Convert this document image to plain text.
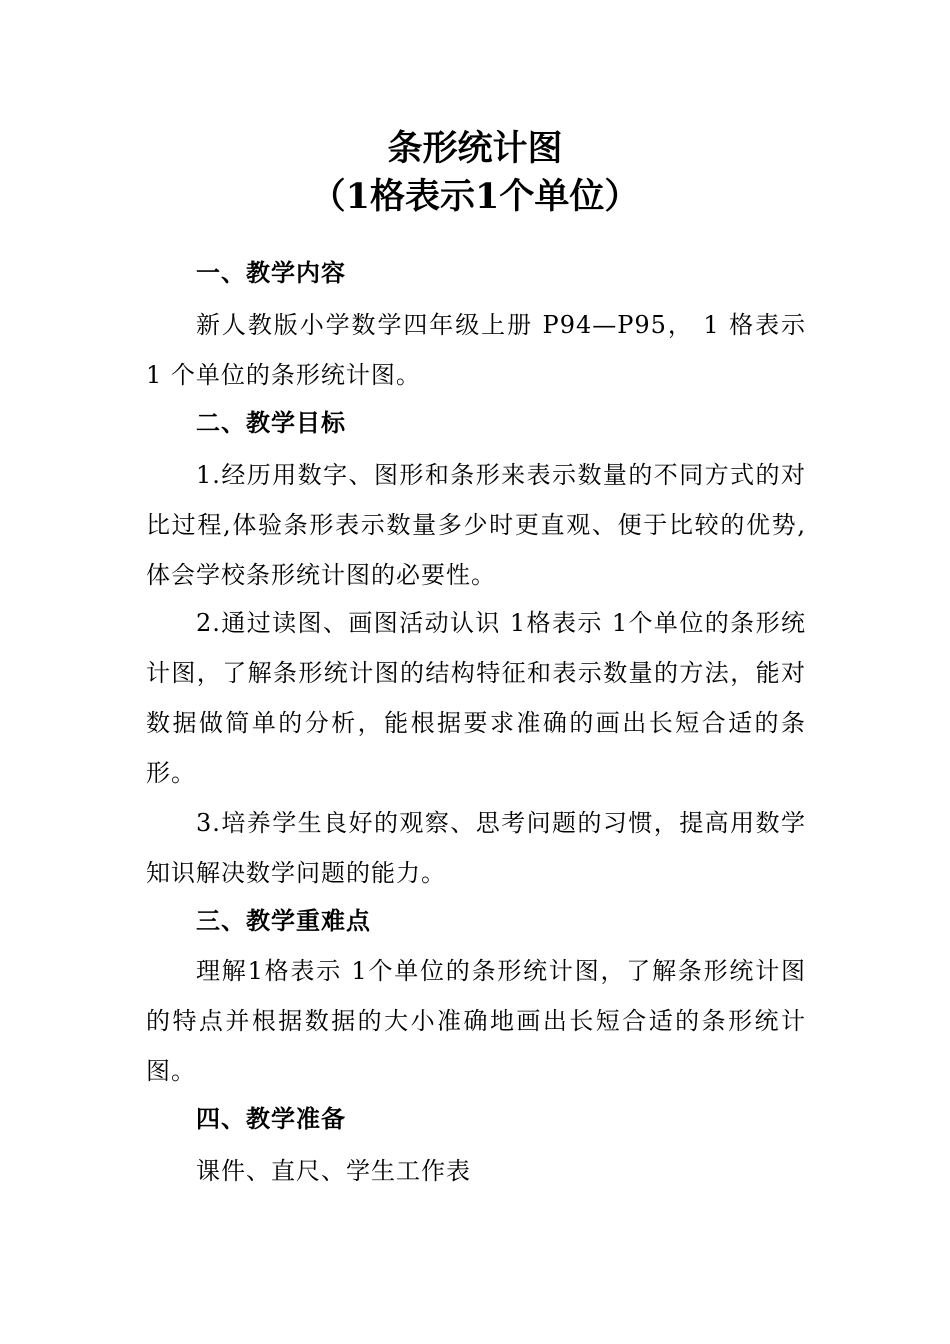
条形统计图
（1格表示1个单位）
一、教学内容

新人教版小学数学四年级上册 P94—P95， 1 格表示 1 个单位的条形统计图。

二、教学目标

1.经历用数字、图形和条形来表示数量的不同方式的对比过程,体验条形表示数量多少时更直观、便于比较的优势,体会学校条形统计图的必要性。

2.通过读图、画图活动认识 1格表示 1个单位的条形统计图，了解条形统计图的结构特征和表示数量的方法，能对数据做简单的分析，能根据要求准确的画出长短合适的条形。

3.培养学生良好的观察、思考问题的习惯，提高用数学知识解决数学问题的能力。

三、教学重难点

理解1格表示 1个单位的条形统计图，了解条形统计图的特点并根据数据的大小准确地画出长短合适的条形统计图。

四、教学准备

课件、直尺、学生工作表
